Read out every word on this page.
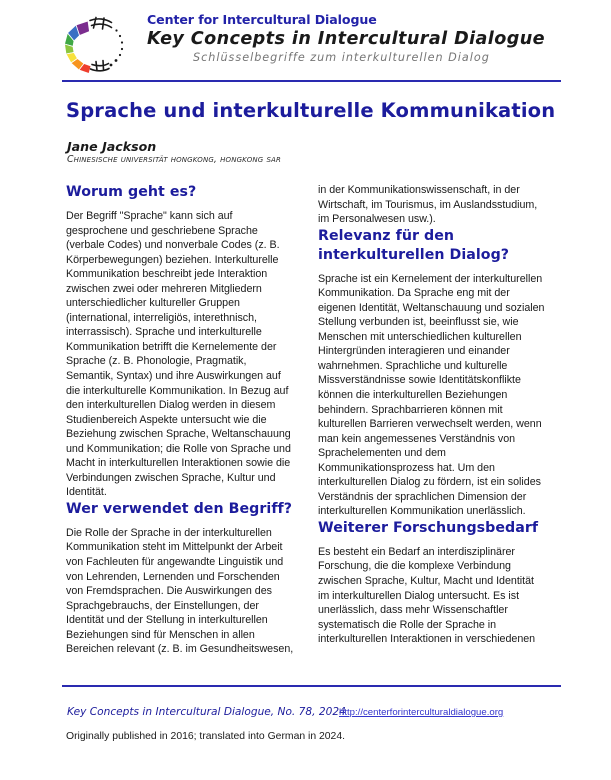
Center for Intercultural Dialogue
Key Concepts in Intercultural Dialogue
Schlüsselbegriffe zum interkulturellen Dialog
Sprache und interkulturelle Kommunikation
Jane Jackson
Chinesische universität hongkong, hongkong sar
Worum geht es?

Der Begriff "Sprache" kann sich auf gesprochene und geschriebene Sprache (verbale Codes) und nonverbale Codes (z. B. Körperbewegungen) beziehen. Interkulturelle Kommunikation beschreibt jede Interaktion zwischen zwei oder mehreren Mitgliedern unterschiedlicher kultureller Gruppen (international, interreligiös, interethnisch, interrassisch). Sprache und interkulturelle Kommunikation betrifft die Kernelemente der Sprache (z. B. Phonologie, Pragmatik, Semantik, Syntax) und ihre Auswirkungen auf die interkulturelle Kommunikation. In Bezug auf den interkulturellen Dialog werden in diesem Studienbereich Aspekte untersucht wie die Beziehung zwischen Sprache, Weltanschauung und Kommunikation; die Rolle von Sprache und Macht in interkulturellen Interaktionen sowie die Verbindungen zwischen Sprache, Kultur und Identität.

Wer verwendet den Begriff?

Die Rolle der Sprache in der interkulturellen Kommunikation steht im Mittelpunkt der Arbeit von Fachleuten für angewandte Linguistik und von Lehrenden, Lernenden und Forschenden von Fremdsprachen. Die Auswirkungen des Sprachgebrauchs, der Einstellungen, der Identität und der Stellung in interkulturellen Beziehungen sind für Menschen in allen Bereichen relevant (z. B. im Gesundheitswesen,

in der Kommunikationswissenschaft, in der Wirtschaft, im Tourismus, im Auslandsstudium, im Personalwesen usw.).

Relevanz für den interkulturellen Dialog?

Sprache ist ein Kernelement der interkulturellen Kommunikation. Da Sprache eng mit der eigenen Identität, Weltanschauung und sozialen Stellung verbunden ist, beeinflusst sie, wie Menschen mit unterschiedlichen kulturellen Hintergründen interagieren und einander wahrnehmen. Sprachliche und kulturelle Missverständnisse sowie Identitätskonflikte können die interkulturellen Beziehungen behindern. Sprachbarrieren können mit kulturellen Barrieren verwechselt werden, wenn man kein angemessenes Verständnis von Sprachelementen und dem Kommunikationsprozess hat. Um den interkulturellen Dialog zu fördern, ist ein solides Verständnis der sprachlichen Dimension der interkulturellen Kommunikation unerlässlich.

Weiterer Forschungsbedarf

Es besteht ein Bedarf an interdisziplinärer Forschung, die die komplexe Verbindung zwischen Sprache, Kultur, Macht und Identität im interkulturellen Dialog untersucht. Es ist unerlässlich, dass mehr Wissenschaftler systematisch die Rolle der Sprache in interkulturellen Interaktionen in verschiedenen

Key Concepts in Intercultural Dialogue, No. 78, 2024
http://centerforinterculturaldialogue.org
Originally published in 2016; translated into German in 2024.
